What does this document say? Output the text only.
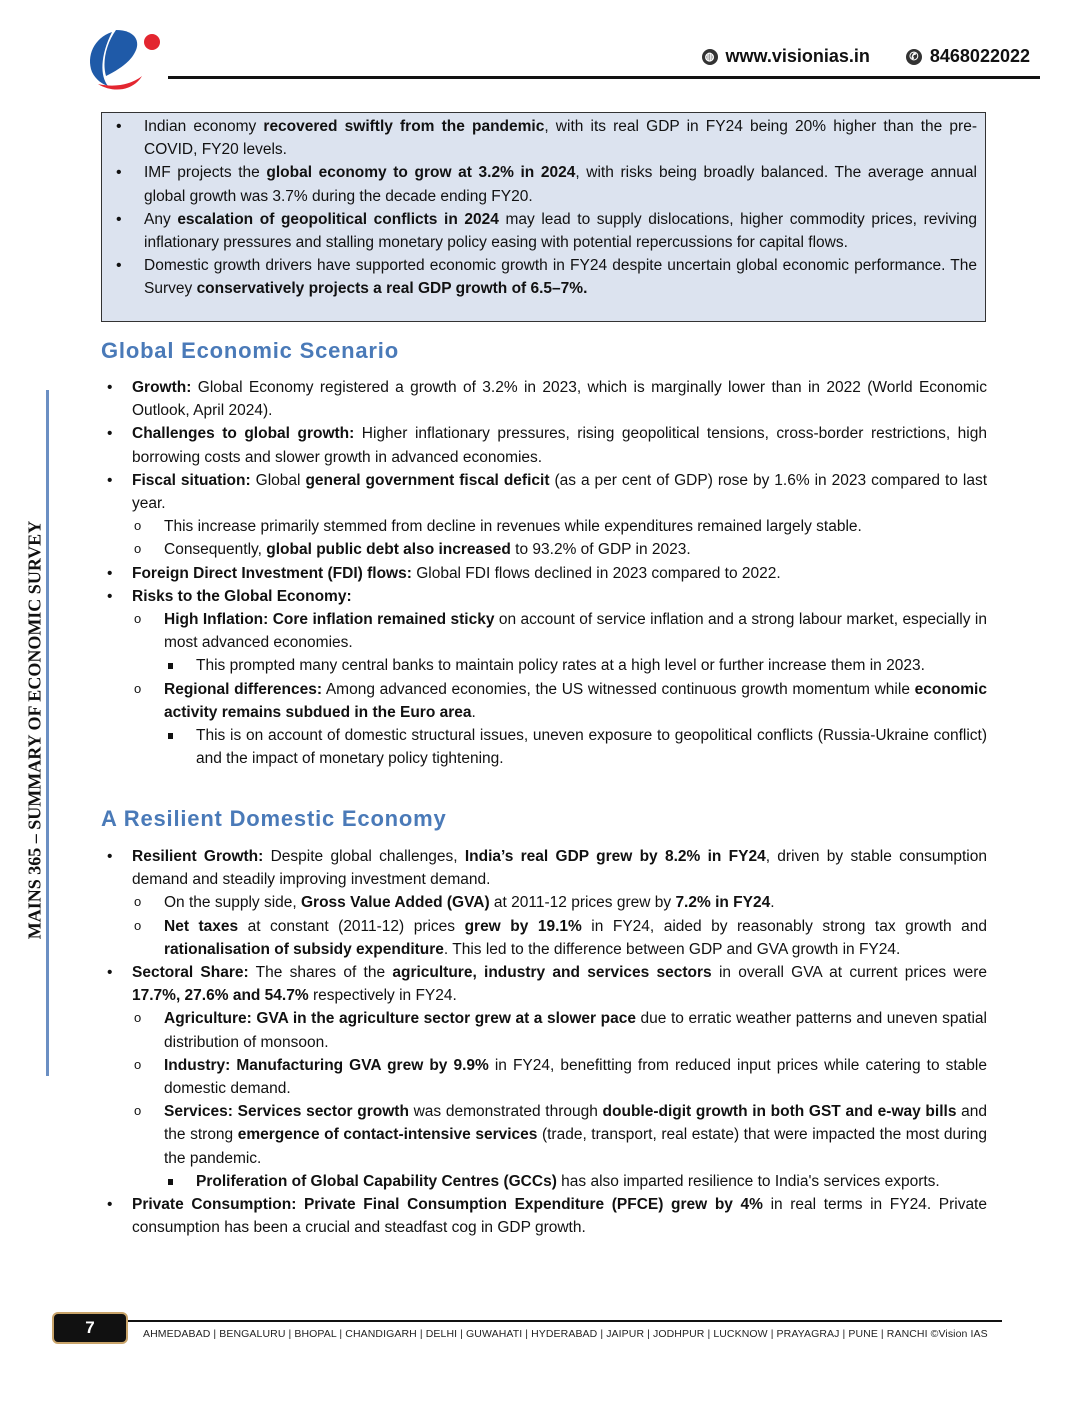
◍ www.visionias.in	✆ 8468022022
MAINS 365 – SUMMARY OF ECONOMIC SURVEY
• Indian economy recovered swiftly from the pandemic, with its real GDP in FY24 being 20% higher than the pre-COVID, FY20 levels.
• IMF projects the global economy to grow at 3.2% in 2024, with risks being broadly balanced. The average annual global growth was 3.7% during the decade ending FY20.
• Any escalation of geopolitical conflicts in 2024 may lead to supply dislocations, higher commodity prices, reviving inflationary pressures and stalling monetary policy easing with potential repercussions for capital flows.
• Domestic growth drivers have supported economic growth in FY24 despite uncertain global economic performance. The Survey conservatively projects a real GDP growth of 6.5–7%.
Global Economic Scenario
• Growth: Global Economy registered a growth of 3.2% in 2023, which is marginally lower than in 2022 (World Economic Outlook, April 2024).
• Challenges to global growth: Higher inflationary pressures, rising geopolitical tensions, cross-border restrictions, high borrowing costs and slower growth in advanced economies.
• Fiscal situation: Global general government fiscal deficit (as a per cent of GDP) rose by 1.6% in 2023 compared to last year.
o This increase primarily stemmed from decline in revenues while expenditures remained largely stable.
o Consequently, global public debt also increased to 93.2% of GDP in 2023.
• Foreign Direct Investment (FDI) flows: Global FDI flows declined in 2023 compared to 2022.
• Risks to the Global Economy:
o High Inflation: Core inflation remained sticky on account of service inflation and a strong labour market, especially in most advanced economies.
This prompted many central banks to maintain policy rates at a high level or further increase them in 2023.
o Regional differences: Among advanced economies, the US witnessed continuous growth momentum while economic activity remains subdued in the Euro area.
This is on account of domestic structural issues, uneven exposure to geopolitical conflicts (Russia-Ukraine conflict) and the impact of monetary policy tightening.
A Resilient Domestic Economy
• Resilient Growth: Despite global challenges, India’s real GDP grew by 8.2% in FY24, driven by stable consumption demand and steadily improving investment demand.
o On the supply side, Gross Value Added (GVA) at 2011-12 prices grew by 7.2% in FY24.
o Net taxes at constant (2011-12) prices grew by 19.1% in FY24, aided by reasonably strong tax growth and rationalisation of subsidy expenditure. This led to the difference between GDP and GVA growth in FY24.
• Sectoral Share: The shares of the agriculture, industry and services sectors in overall GVA at current prices were 17.7%, 27.6% and 54.7% respectively in FY24.
o Agriculture: GVA in the agriculture sector grew at a slower pace due to erratic weather patterns and uneven spatial distribution of monsoon.
o Industry: Manufacturing GVA grew by 9.9% in FY24, benefitting from reduced input prices while catering to stable domestic demand.
o Services: Services sector growth was demonstrated through double-digit growth in both GST and e-way bills and the strong emergence of contact-intensive services (trade, transport, real estate) that were impacted the most during the pandemic.
Proliferation of Global Capability Centres (GCCs) has also imparted resilience to India's services exports.
• Private Consumption: Private Final Consumption Expenditure (PFCE) grew by 4% in real terms in FY24. Private consumption has been a crucial and steadfast cog in GDP growth.
7	AHMEDABAD | BENGALURU | BHOPAL | CHANDIGARH | DELHI | GUWAHATI | HYDERABAD | JAIPUR | JODHPUR | LUCKNOW | PRAYAGRAJ | PUNE | RANCHI ©Vision IAS
